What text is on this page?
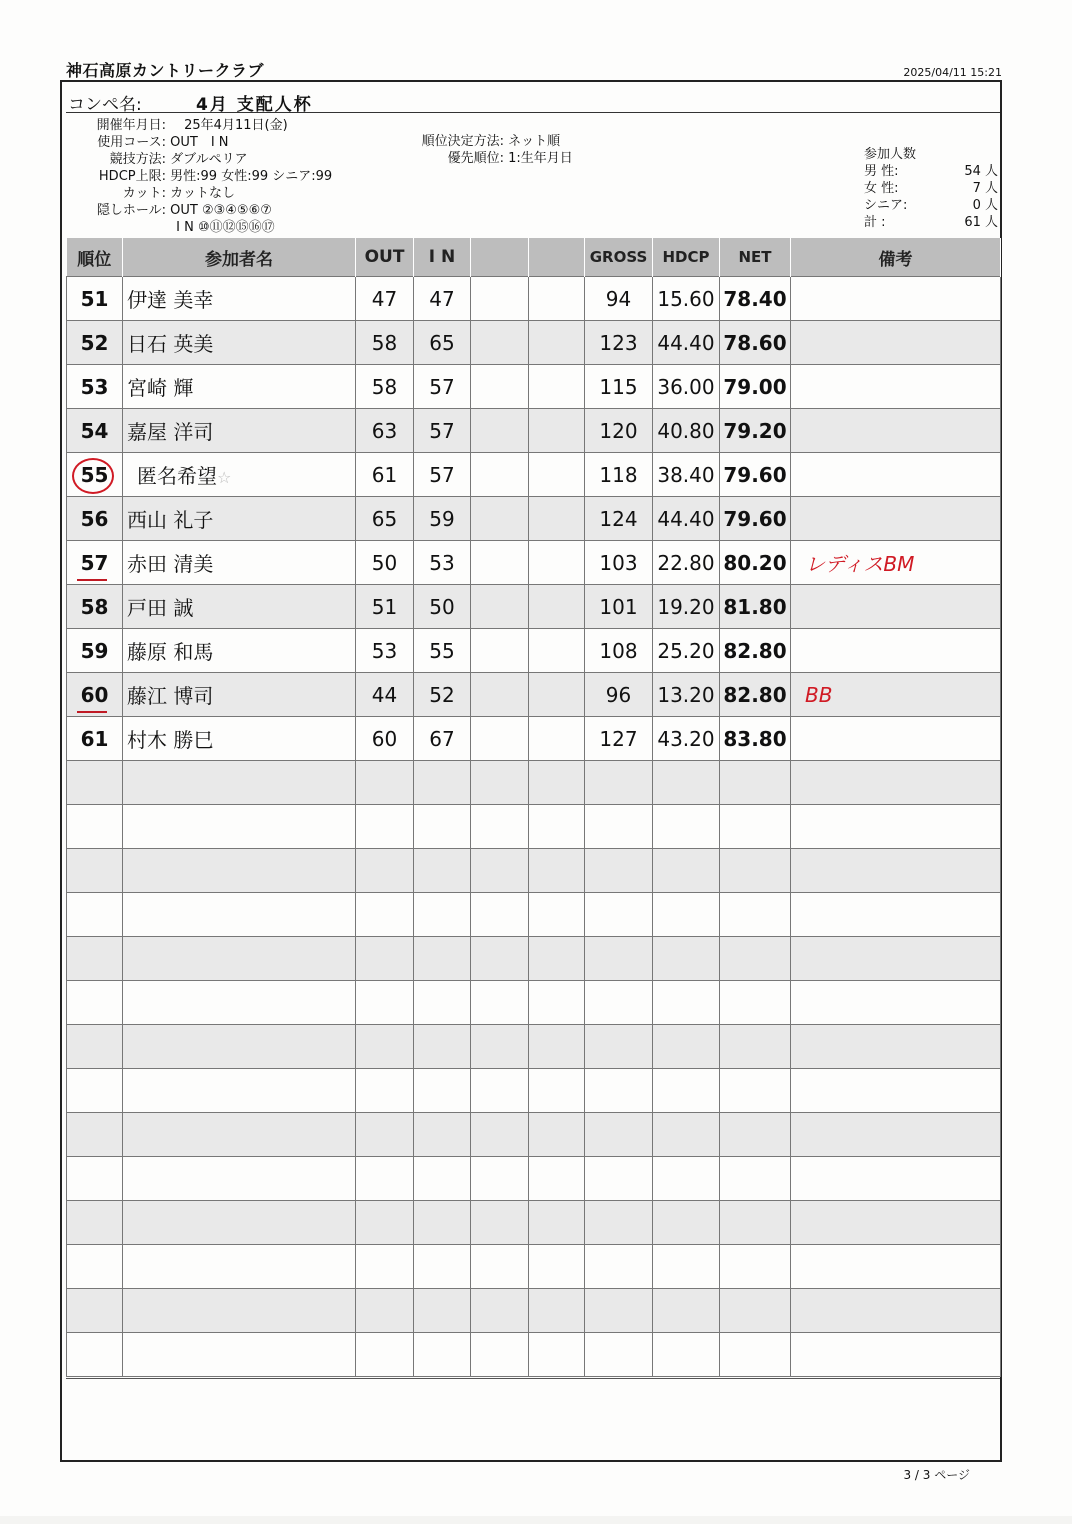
神石高原カントリークラブ	2025/04/11 15:21
コンペ名:	4月 支配人杯
開催年月日: 25年4月11日(金)
使用コース: OUT　I N
競技方法: ダブルペリア
HDCP上限: 男性:99 女性:99 シニア:99
カット: カットなし
隠しホール: OUT ②③④⑤⑥⑦
I N ⑩⑪⑫⑮⑯⑰
順位決定方法: ネット順
優先順位: 1:生年月日	参加人数
男 性:	54 人
女 性:	7 人
シニア:	0 人
計 :	61 人
順位	参加者名	OUT	I N			GROSS	HDCP	NET	備考
51	伊達 美幸	47	47			94	15.60	78.40	
52	日石 英美	58	65			123	44.40	78.60	
53	宮崎 輝	58	57			115	36.00	79.00	
54	嘉屋 洋司	63	57			120	40.80	79.20	
55	匿名希望☆	61	57			118	38.40	79.60	
56	西山 礼子	65	59			124	44.40	79.60	
57	赤田 清美	50	53			103	22.80	80.20	レディスBM
58	戸田 誠	51	50			101	19.20	81.80	
59	藤原 和馬	53	55			108	25.20	82.80	
60	藤江 博司	44	52			96	13.20	82.80	BB
61	村木 勝巳	60	67			127	43.20	83.80	

3 / 3 ページ
